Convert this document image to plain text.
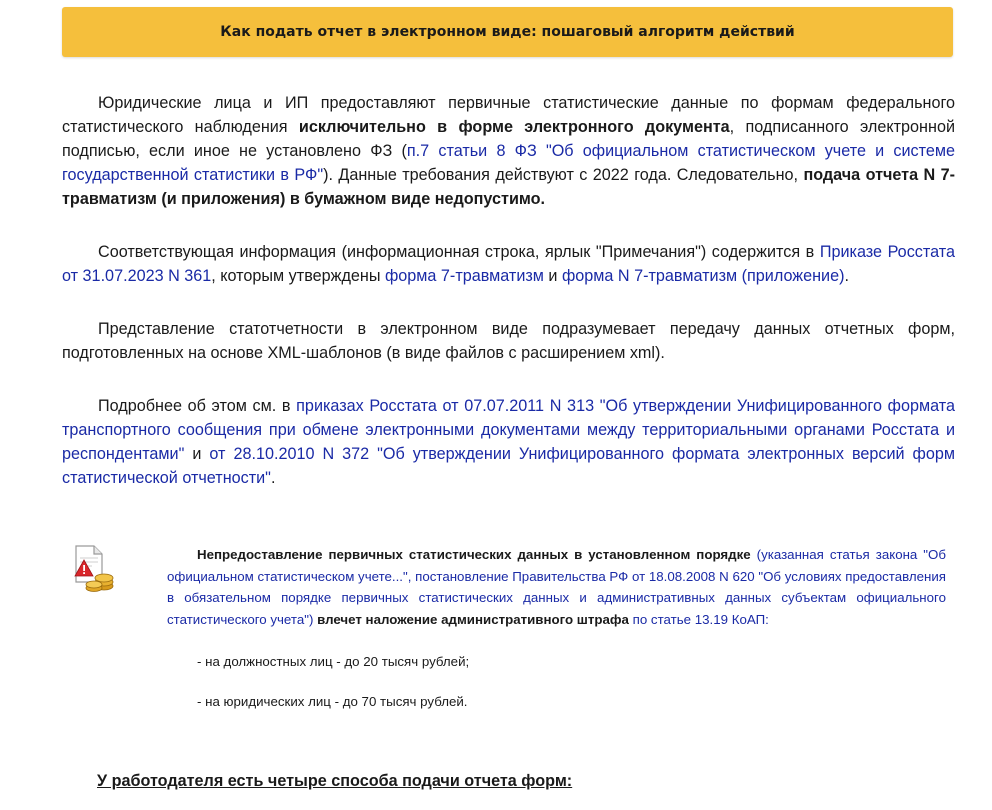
Как подать отчет в электронном виде: пошаговый алгоритм действий

Юридические лица и ИП предоставляют первичные статистические данные по формам федерального статистического наблюдения исключительно в форме электронного документа, подписанного электронной подписью, если иное не установлено ФЗ (п.7 статьи 8 ФЗ "Об официальном статистическом учете и системе государственной статистики в РФ"). Данные требования действуют с 2022 года. Следовательно, подача отчета N 7-травматизм (и приложения) в бумажном виде недопустимо.

Соответствующая информация (информационная строка, ярлык "Примечания") содержится в Приказе Росстата от 31.07.2023 N 361, которым утверждены форма 7-травматизм и форма N 7-травматизм (приложение).

Представление статотчетности в электронном виде подразумевает передачу данных отчетных форм, подготовленных на основе XML-шаблонов (в виде файлов с расширением xml).

Подробнее об этом см. в приказах Росстата от 07.07.2011 N 313 "Об утверждении Унифицированного формата транспортного сообщения при обмене электронными документами между территориальными органами Росстата и респондентами" и от 28.10.2010 N 372 "Об утверждении Унифицированного формата электронных версий форм статистической отчетности".

Непредоставление первичных статистических данных в установленном порядке (указанная статья закона "Об официальном статистическом учете...", постановление Правительства РФ от 18.08.2008 N 620 "Об условиях предоставления в обязательном порядке первичных статистических данных и административных данных субъектам официального статистического учета") влечет наложение административного штрафа по статье 13.19 КоАП:
- на должностных лиц - до 20 тысяч рублей;
- на юридических лиц - до 70 тысяч рублей.
У работодателя есть четыре способа подачи отчета форм:
